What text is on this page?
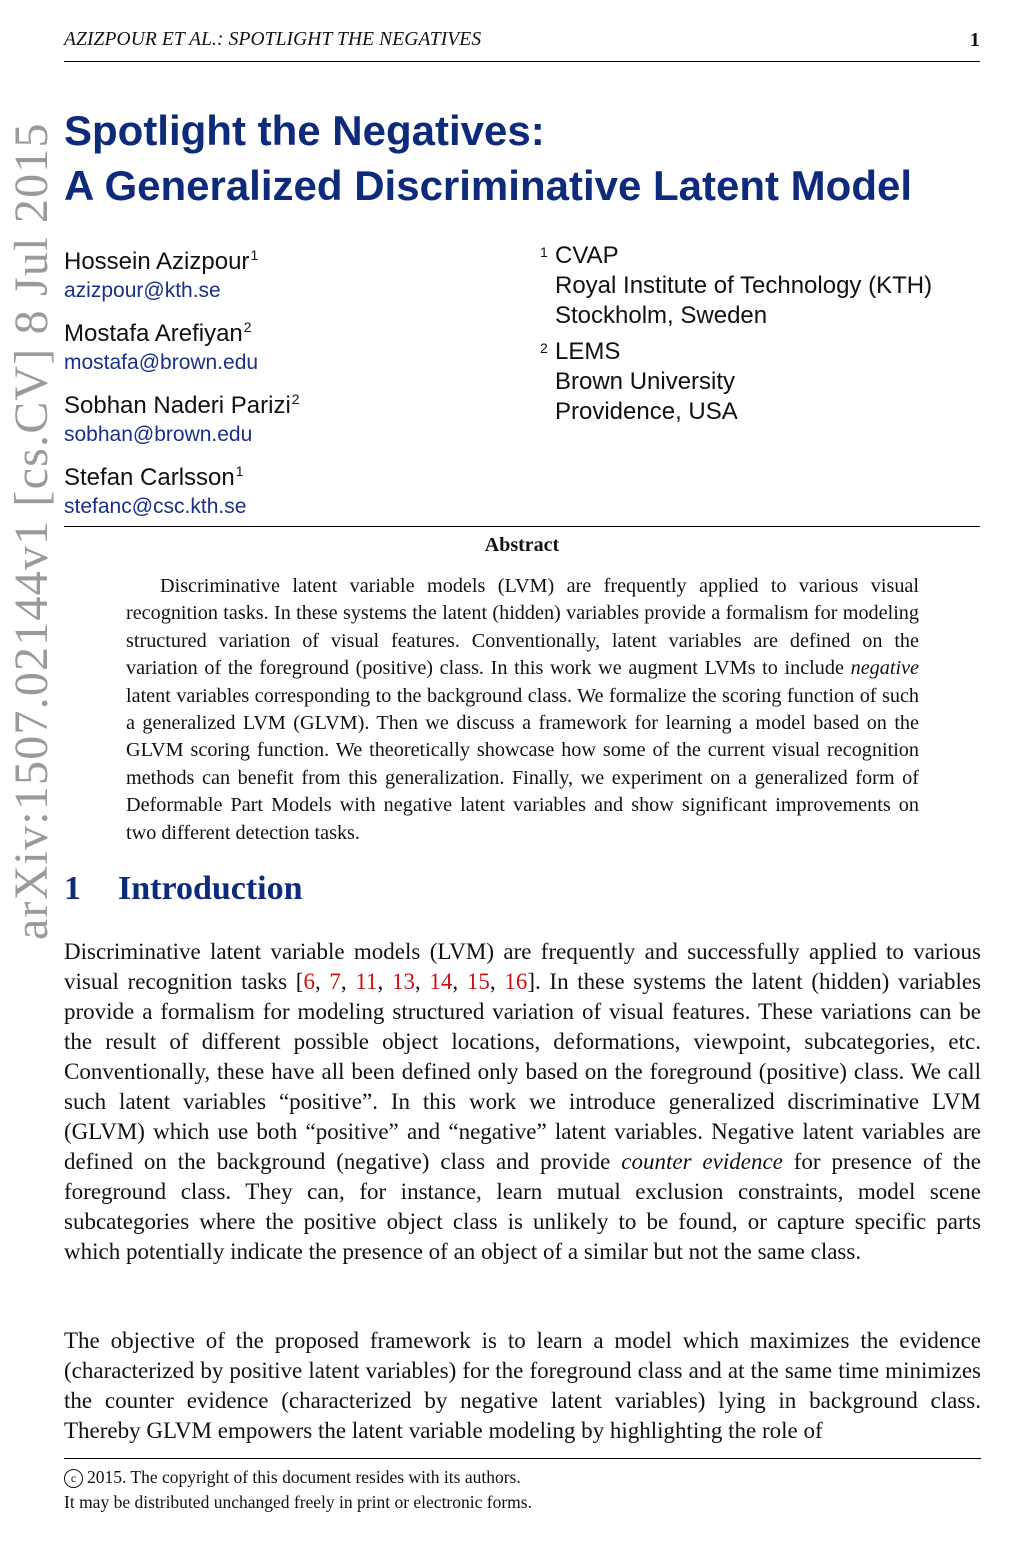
AZIZPOUR ET AL.: SPOTLIGHT THE NEGATIVES	1
arXiv:1507.02144v1 [cs.CV] 8 Jul 2015 Spotlight the Negatives:
A Generalized Discriminative Latent Model
Hossein Azizpour$^1$
azizpour@kth.se
Mostafa Arefiyan$^2$
mostafa@brown.edu
Sobhan Naderi Parizi$^2$
sobhan@brown.edu
Stefan Carlsson$^1$
stefanc@csc.kth.se
1 CVAP
Royal Institute of Technology (KTH)
Stockholm, Sweden
2 LEMS
Brown University
Providence, USA
Abstract

Discriminative latent variable models (LVM) are frequently applied to various visual recognition tasks. In these systems the latent (hidden) variables provide a formalism for modeling structured variation of visual features. Conventionally, latent variables are defined on the variation of the foreground (positive) class. In this work we augment LVMs to include negative latent variables corresponding to the background class. We formalize the scoring function of such a generalized LVM (GLVM). Then we discuss a framework for learning a model based on the GLVM scoring function. We theoretically showcase how some of the current visual recognition methods can benefit from this generalization. Finally, we experiment on a generalized form of Deformable Part Models with negative latent variables and show significant improvements on two different detection tasks.

1 Introduction

Discriminative latent variable models (LVM) are frequently and successfully applied to various visual recognition tasks [6, 7, 11, 13, 14, 15, 16]. In these systems the latent (hidden) variables provide a formalism for modeling structured variation of visual features. These variations can be the result of different possible object locations, deformations, viewpoint, subcategories, etc. Conventionally, these have all been defined only based on the foreground (positive) class. We call such latent variables “positive”. In this work we introduce generalized discriminative LVM (GLVM) which use both “positive” and “negative” latent variables. Negative latent variables are defined on the background (negative) class and provide counter evidence for presence of the foreground class. They can, for instance, learn mutual exclusion constraints, model scene subcategories where the positive object class is unlikely to be found, or capture specific parts which potentially indicate the presence of an object of a similar but not the same class.

The objective of the proposed framework is to learn a model which maximizes the evidence (characterized by positive latent variables) for the foreground class and at the same time minimizes the counter evidence (characterized by negative latent variables) lying in background class. Thereby GLVM empowers the latent variable modeling by highlighting the role of

c 2015. The copyright of this document resides with its authors.
It may be distributed unchanged freely in print or electronic forms.
